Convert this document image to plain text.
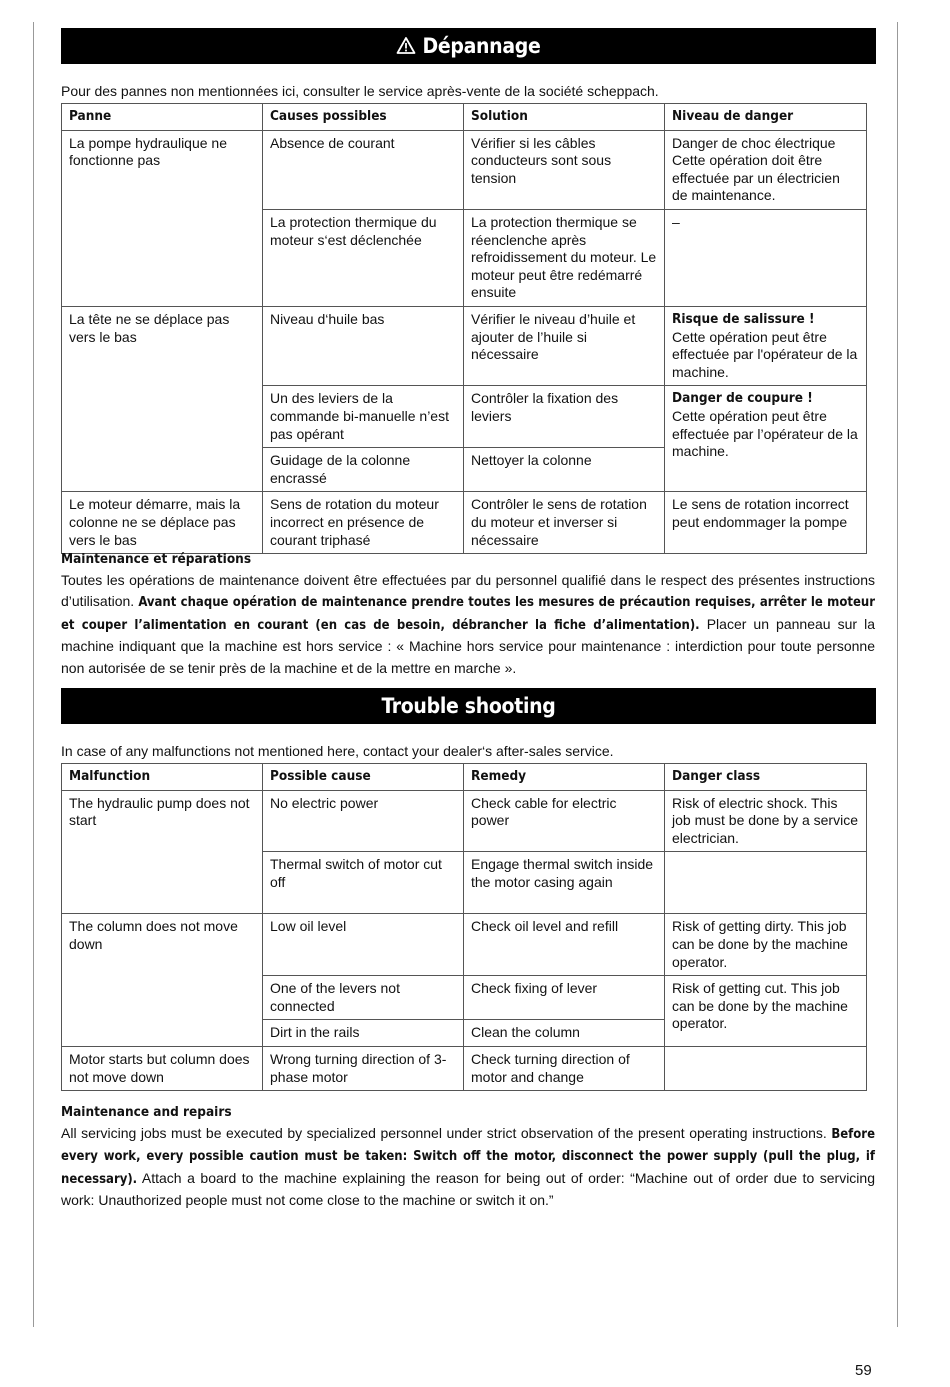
Dépannage
Pour des pannes non mentionnées ici, consulter le service après-vente de la société scheppach.
Panne	Causes possibles	Solution	Niveau de danger
La pompe hydraulique ne fonctionne pas	Absence de courant	Vérifier si les câbles conducteurs sont sous tension	Danger de choc électrique Cette opération doit être effectuée par un électricien de maintenance.
	La protection thermique du moteur s‘est déclenchée	La protection thermique se réenclenche après refroidissement du moteur. Le moteur peut être redémarré ensuite	–
La tête ne se déplace pas vers le bas	Niveau d‘huile bas	Vérifier le niveau d’huile et ajouter de l’huile si nécessaire	Risque de salissure !
Cette opération peut être effectuée par l'opérateur de la machine.
	Un des leviers de la commande bi-manuelle n’est pas opérant	Contrôler la fixation des leviers	Danger de coupure !
Cette opération peut être effectuée par l’opérateur de la machine.
	Guidage de la colonne encrassé	Nettoyer la colonne	
Le moteur démarre, mais la colonne ne se déplace pas vers le bas	Sens de rotation du moteur incorrect en présence de courant triphasé	Contrôler le sens de rotation du moteur et inverser si nécessaire	Le sens de rotation incorrect peut endommager la pompe
Maintenance et réparations
Toutes les opérations de maintenance doivent être effectuées par du personnel qualifié dans le respect des présentes instructions d’utilisation. Avant chaque opération de maintenance prendre toutes les mesures de précaution requises, arrêter le moteur et couper l’alimentation en courant (en cas de besoin, débrancher la fiche d’alimentation). Placer un panneau sur la machine indiquant que la machine est hors service : « Machine hors service pour maintenance : interdiction pour toute personne non autorisée de se tenir près de la machine et de la mettre en marche ».
Trouble shooting
In case of any malfunctions not mentioned here, contact your dealer‘s after-sales service.
Malfunction	Possible cause	Remedy	Danger class
The hydraulic pump does not start	No electric power	Check cable for electric power	Risk of electric shock. This job must be done by a service electrician.
	Thermal switch of motor cut off	Engage thermal switch inside the motor casing again	
The column does not move down	Low oil level	Check oil level and refill	Risk of getting dirty. This job can be done by the machine operator.
	One of the levers not connected	Check fixing of lever	Risk of getting cut. This job can be done by the machine operator.
	Dirt in the rails	Clean the column	
Motor starts but column does not move down	Wrong turning direction of 3-phase motor	Check turning direction of motor and change	
Maintenance and repairs
All servicing jobs must be executed by specialized personnel under strict observation of the present operating instructions. Before every work, every possible caution must be taken: Switch off the motor, disconnect the power supply (pull the plug, if necessary). Attach a board to the machine explaining the reason for being out of order: “Machine out of order due to servicing work: Unauthorized people must not come close to the machine or switch it on.”
59
